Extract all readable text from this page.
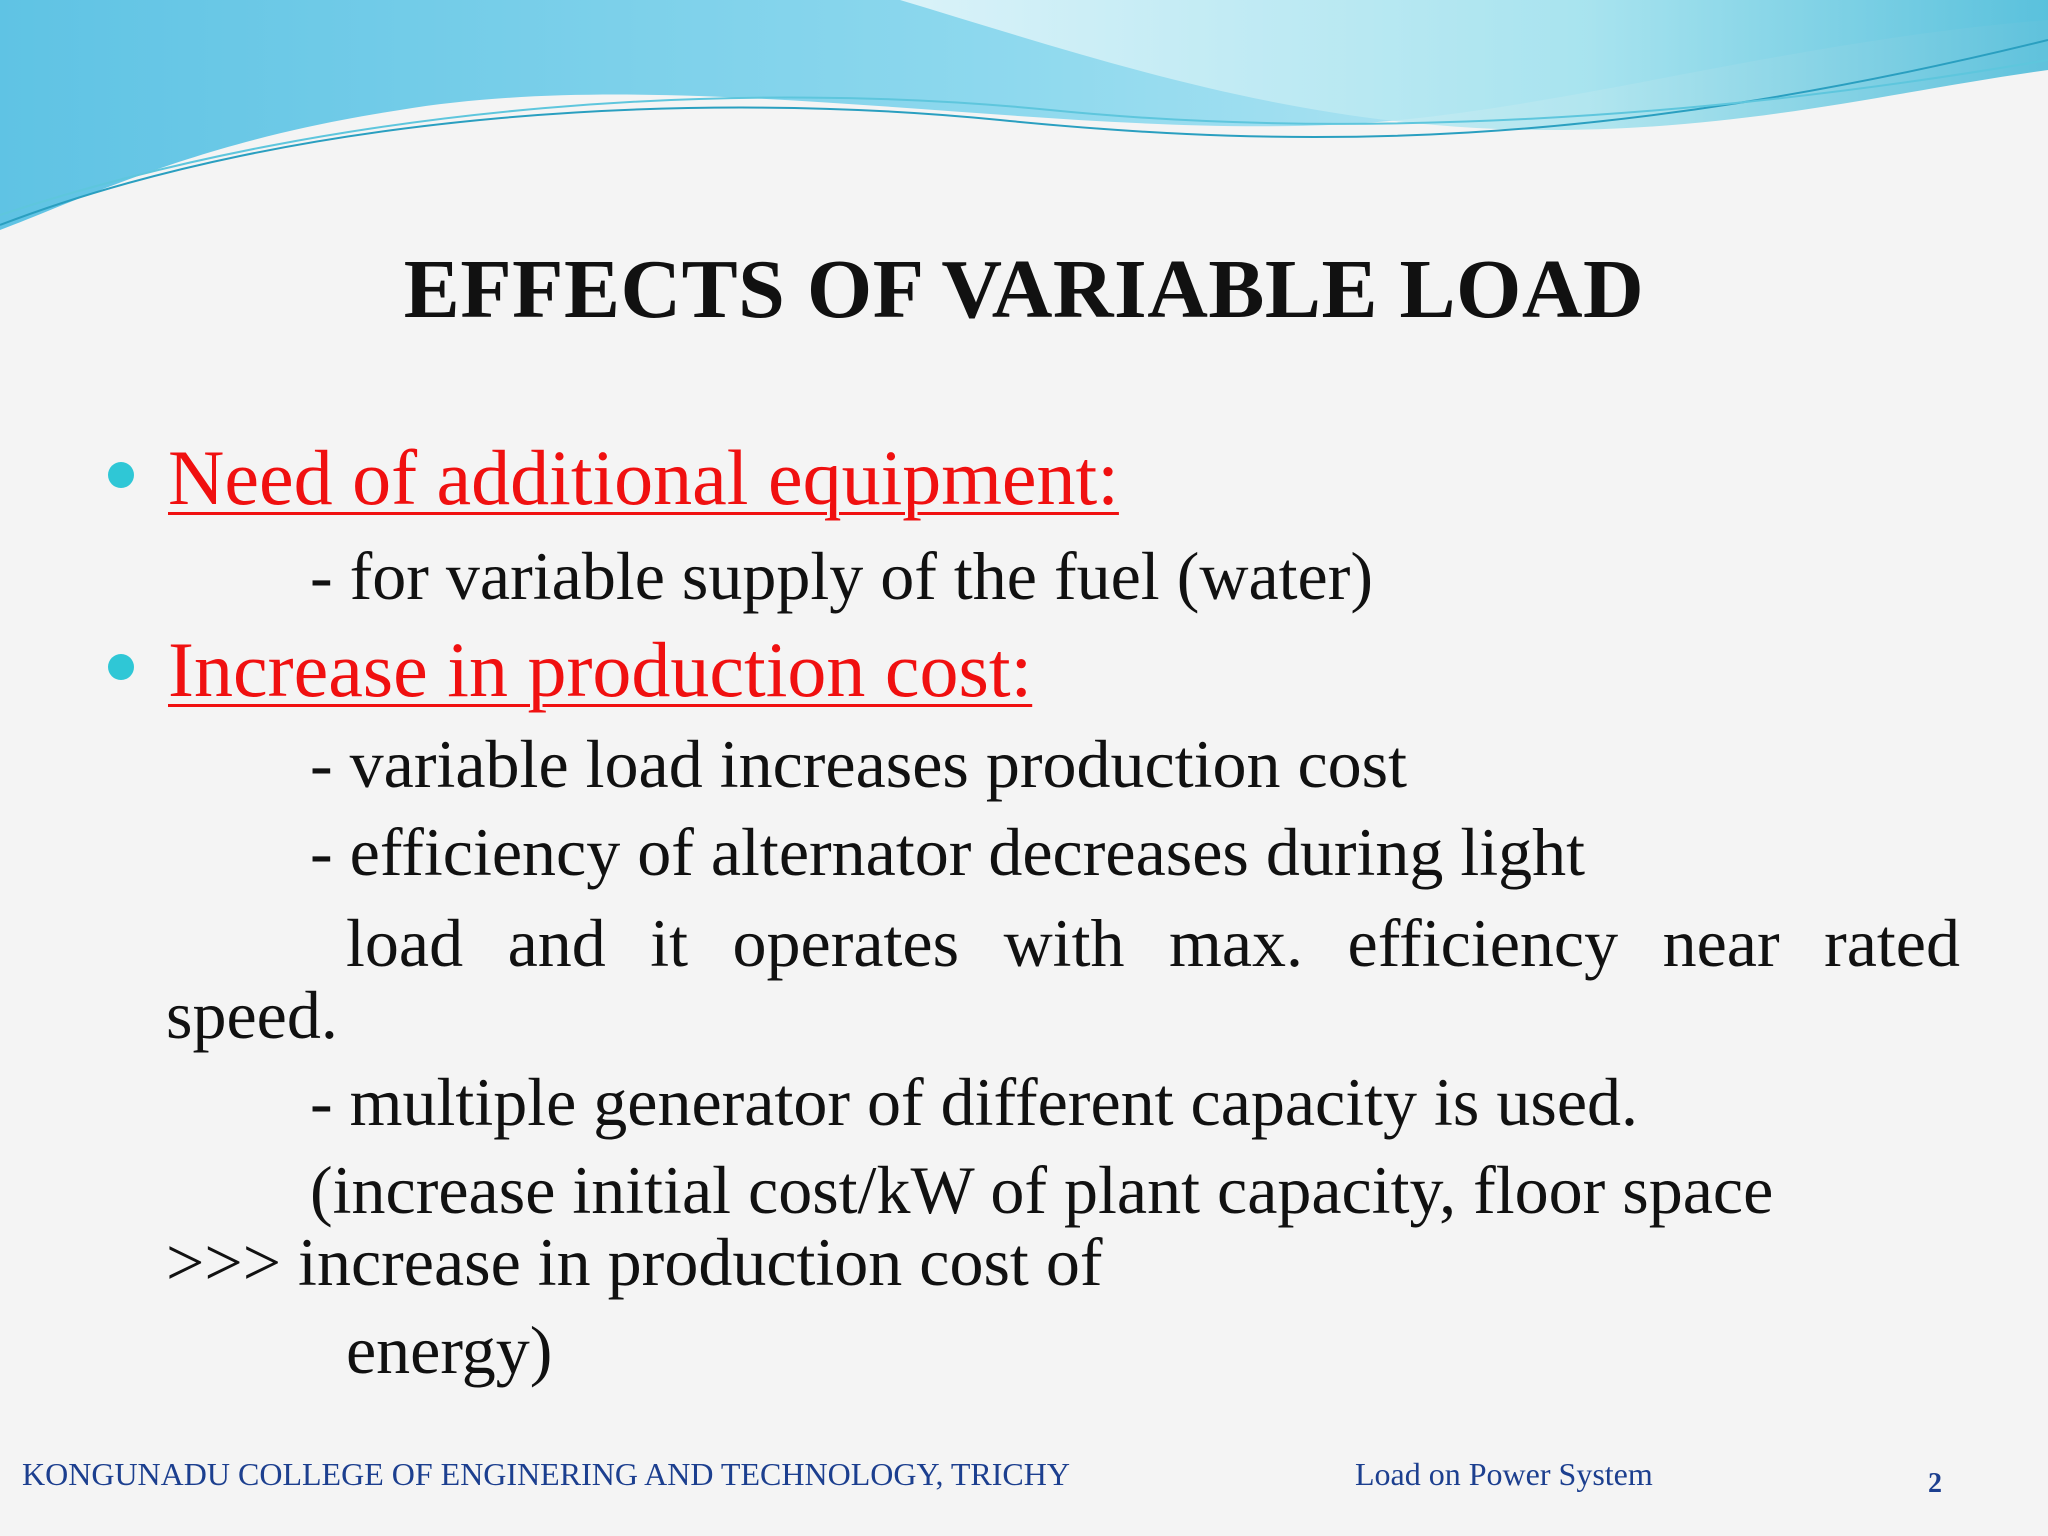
EFFECTS OF VARIABLE LOAD
Need of additional equipment:
- for variable supply of the fuel (water)
Increase in production cost:
- variable load increases production cost
- efficiency of alternator decreases during light
load and it operates with max. efficiency near rated
speed.
- multiple generator of different capacity is used.
(increase initial cost/kW of plant capacity, floor space
>>> increase in production cost of
energy)
KONGUNADU COLLEGE OF ENGINERING AND TECHNOLOGY, TRICHY	Load on Power System	2
